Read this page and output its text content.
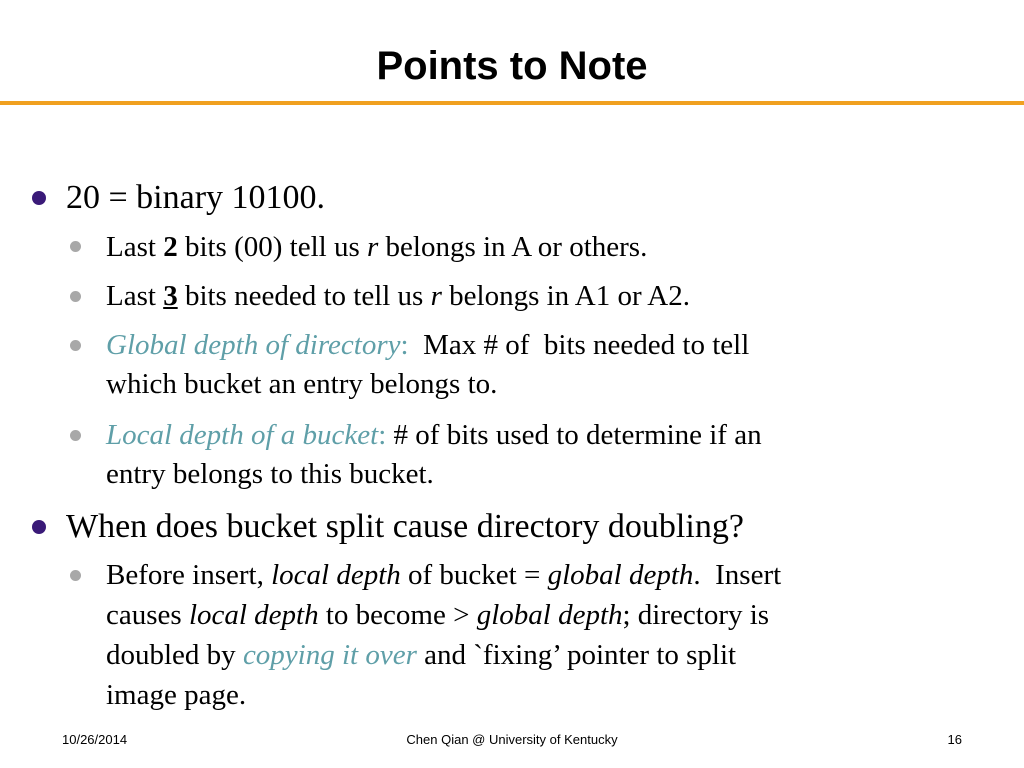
Points to Note

20 = binary 10100.

Last 2 bits (00) tell us r belongs in A or others.

Last 3 bits needed to tell us r belongs in A1 or A2.

Global depth of directory:  Max # of  bits needed to tell

which bucket an entry belongs to.

Local depth of a bucket: # of bits used to determine if an

entry belongs to this bucket.

When does bucket split cause directory doubling?

Before insert, local depth of bucket = global depth.  Insert

causes local depth to become > global depth; directory is

doubled by copying it over and `fixing’ pointer to split

image page.

10/26/2014	Chen Qian @ University of Kentucky	16
